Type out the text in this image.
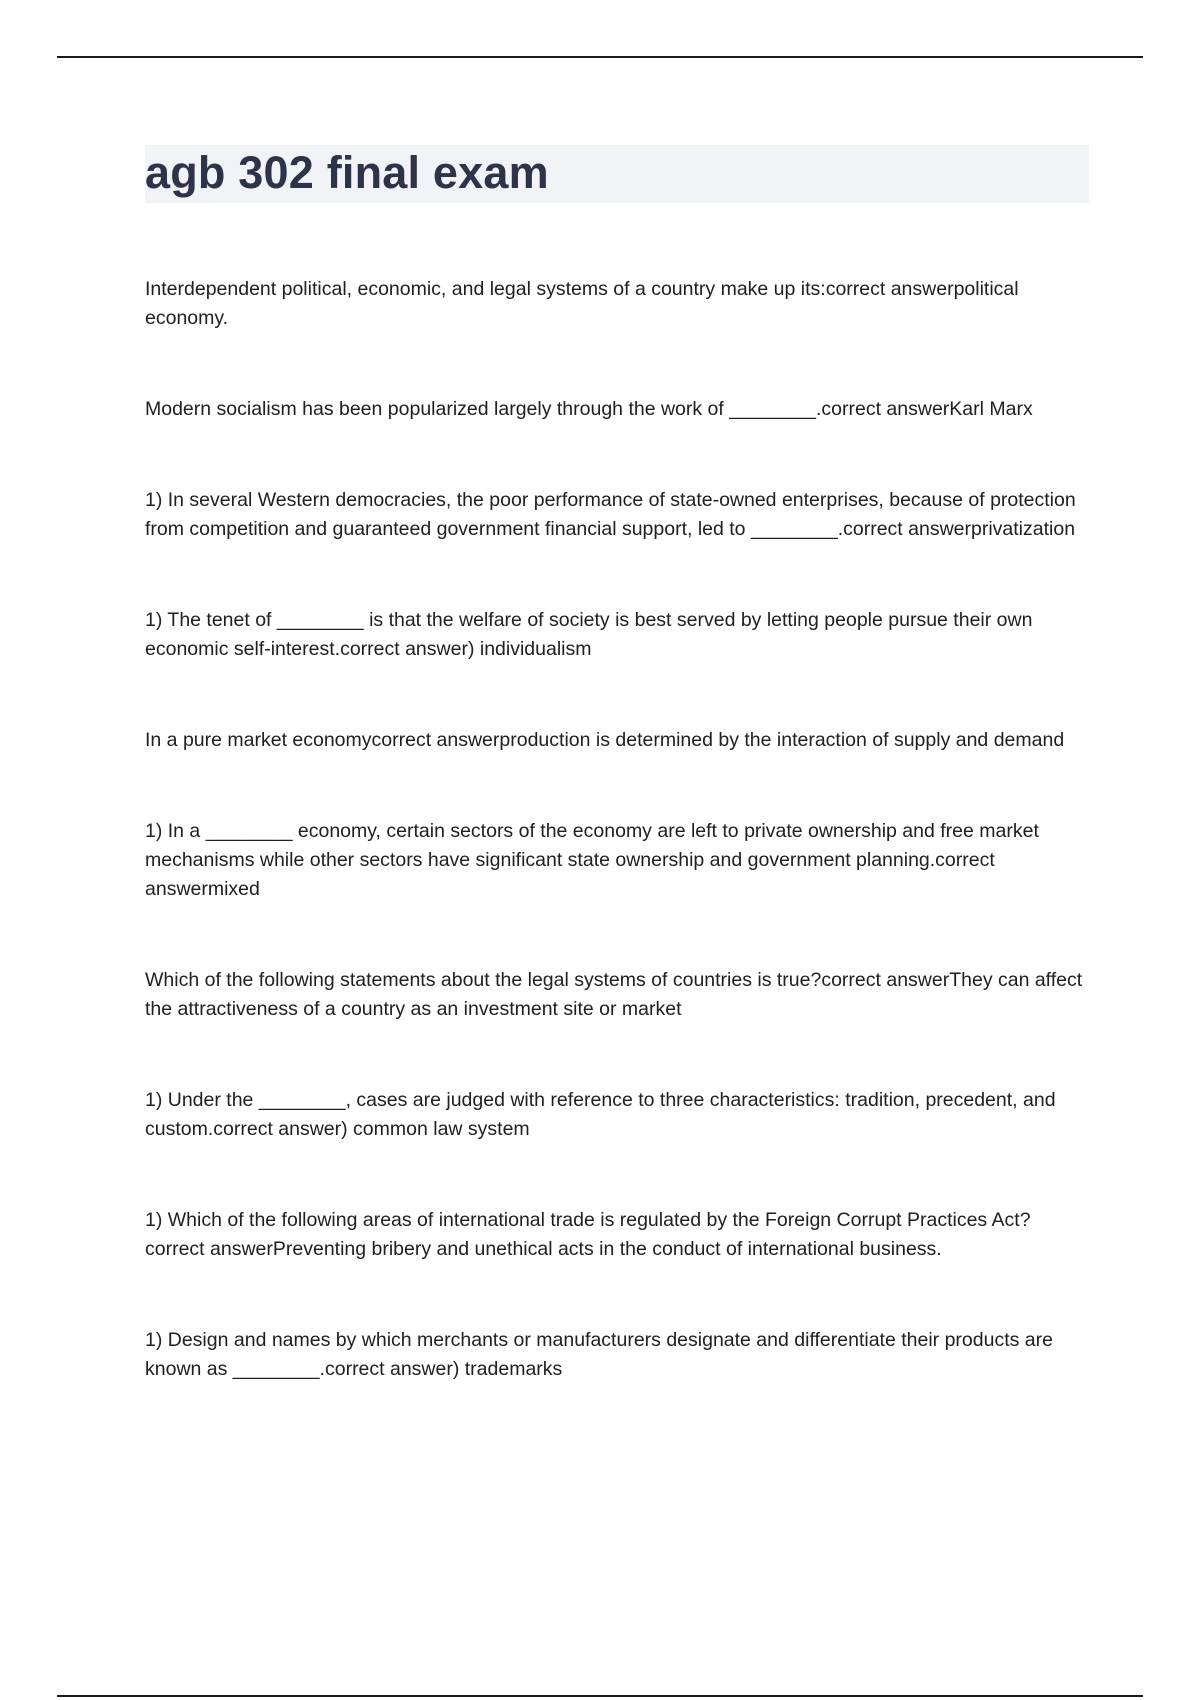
agb 302 final exam

Interdependent political, economic, and legal systems of a country make up its:correct answerpolitical economy.

Modern socialism has been popularized largely through the work of ________.correct answerKarl Marx

1) In several Western democracies, the poor performance of state-owned enterprises, because of protection from competition and guaranteed government financial support, led to ________.correct answerprivatization

1) The tenet of ________ is that the welfare of society is best served by letting people pursue their own economic self-interest.correct answer) individualism

In a pure market economycorrect answerproduction is determined by the interaction of supply and demand

1) In a ________ economy, certain sectors of the economy are left to private ownership and free market mechanisms while other sectors have significant state ownership and government planning.correct answermixed

Which of the following statements about the legal systems of countries is true?correct answerThey can affect the attractiveness of a country as an investment site or market

1) Under the ________, cases are judged with reference to three characteristics: tradition, precedent, and custom.correct answer) common law system

1) Which of the following areas of international trade is regulated by the Foreign Corrupt Practices Act?correct answerPreventing bribery and unethical acts in the conduct of international business.

1) Design and names by which merchants or manufacturers designate and differentiate their products are known as ________.correct answer) trademarks
